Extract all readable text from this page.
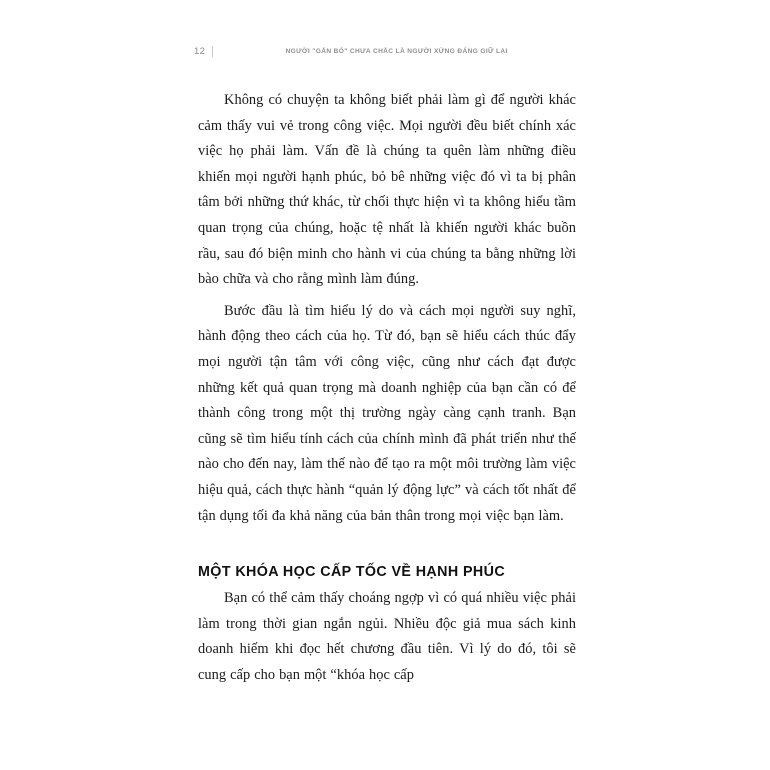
12	NGƯỜI "GẮN BÓ" CHƯA CHẮC LÀ NGƯỜI XỨNG ĐÁNG GIỮ LẠI

Không có chuyện ta không biết phải làm gì để người khác cảm thấy vui vẻ trong công việc. Mọi người đều biết chính xác việc họ phải làm. Vấn đề là chúng ta quên làm những điều khiến mọi người hạnh phúc, bỏ bê những việc đó vì ta bị phân tâm bởi những thứ khác, từ chối thực hiện vì ta không hiểu tầm quan trọng của chúng, hoặc tệ nhất là khiến người khác buồn rầu, sau đó biện minh cho hành vi của chúng ta bằng những lời bào chữa và cho rằng mình làm đúng.

Bước đầu là tìm hiểu lý do và cách mọi người suy nghĩ, hành động theo cách của họ. Từ đó, bạn sẽ hiểu cách thúc đẩy mọi người tận tâm với công việc, cũng như cách đạt được những kết quả quan trọng mà doanh nghiệp của bạn cần có để thành công trong một thị trường ngày càng cạnh tranh. Bạn cũng sẽ tìm hiểu tính cách của chính mình đã phát triển như thế nào cho đến nay, làm thế nào để tạo ra một môi trường làm việc hiệu quả, cách thực hành “quản lý động lực” và cách tốt nhất để tận dụng tối đa khả năng của bản thân trong mọi việc bạn làm.

MỘT KHÓA HỌC CẤP TỐC VỀ HẠNH PHÚC

Bạn có thể cảm thấy choáng ngợp vì có quá nhiều việc phải làm trong thời gian ngắn ngủi. Nhiều độc giả mua sách kinh doanh hiếm khi đọc hết chương đầu tiên. Vì lý do đó, tôi sẽ cung cấp cho bạn một “khóa học cấp
